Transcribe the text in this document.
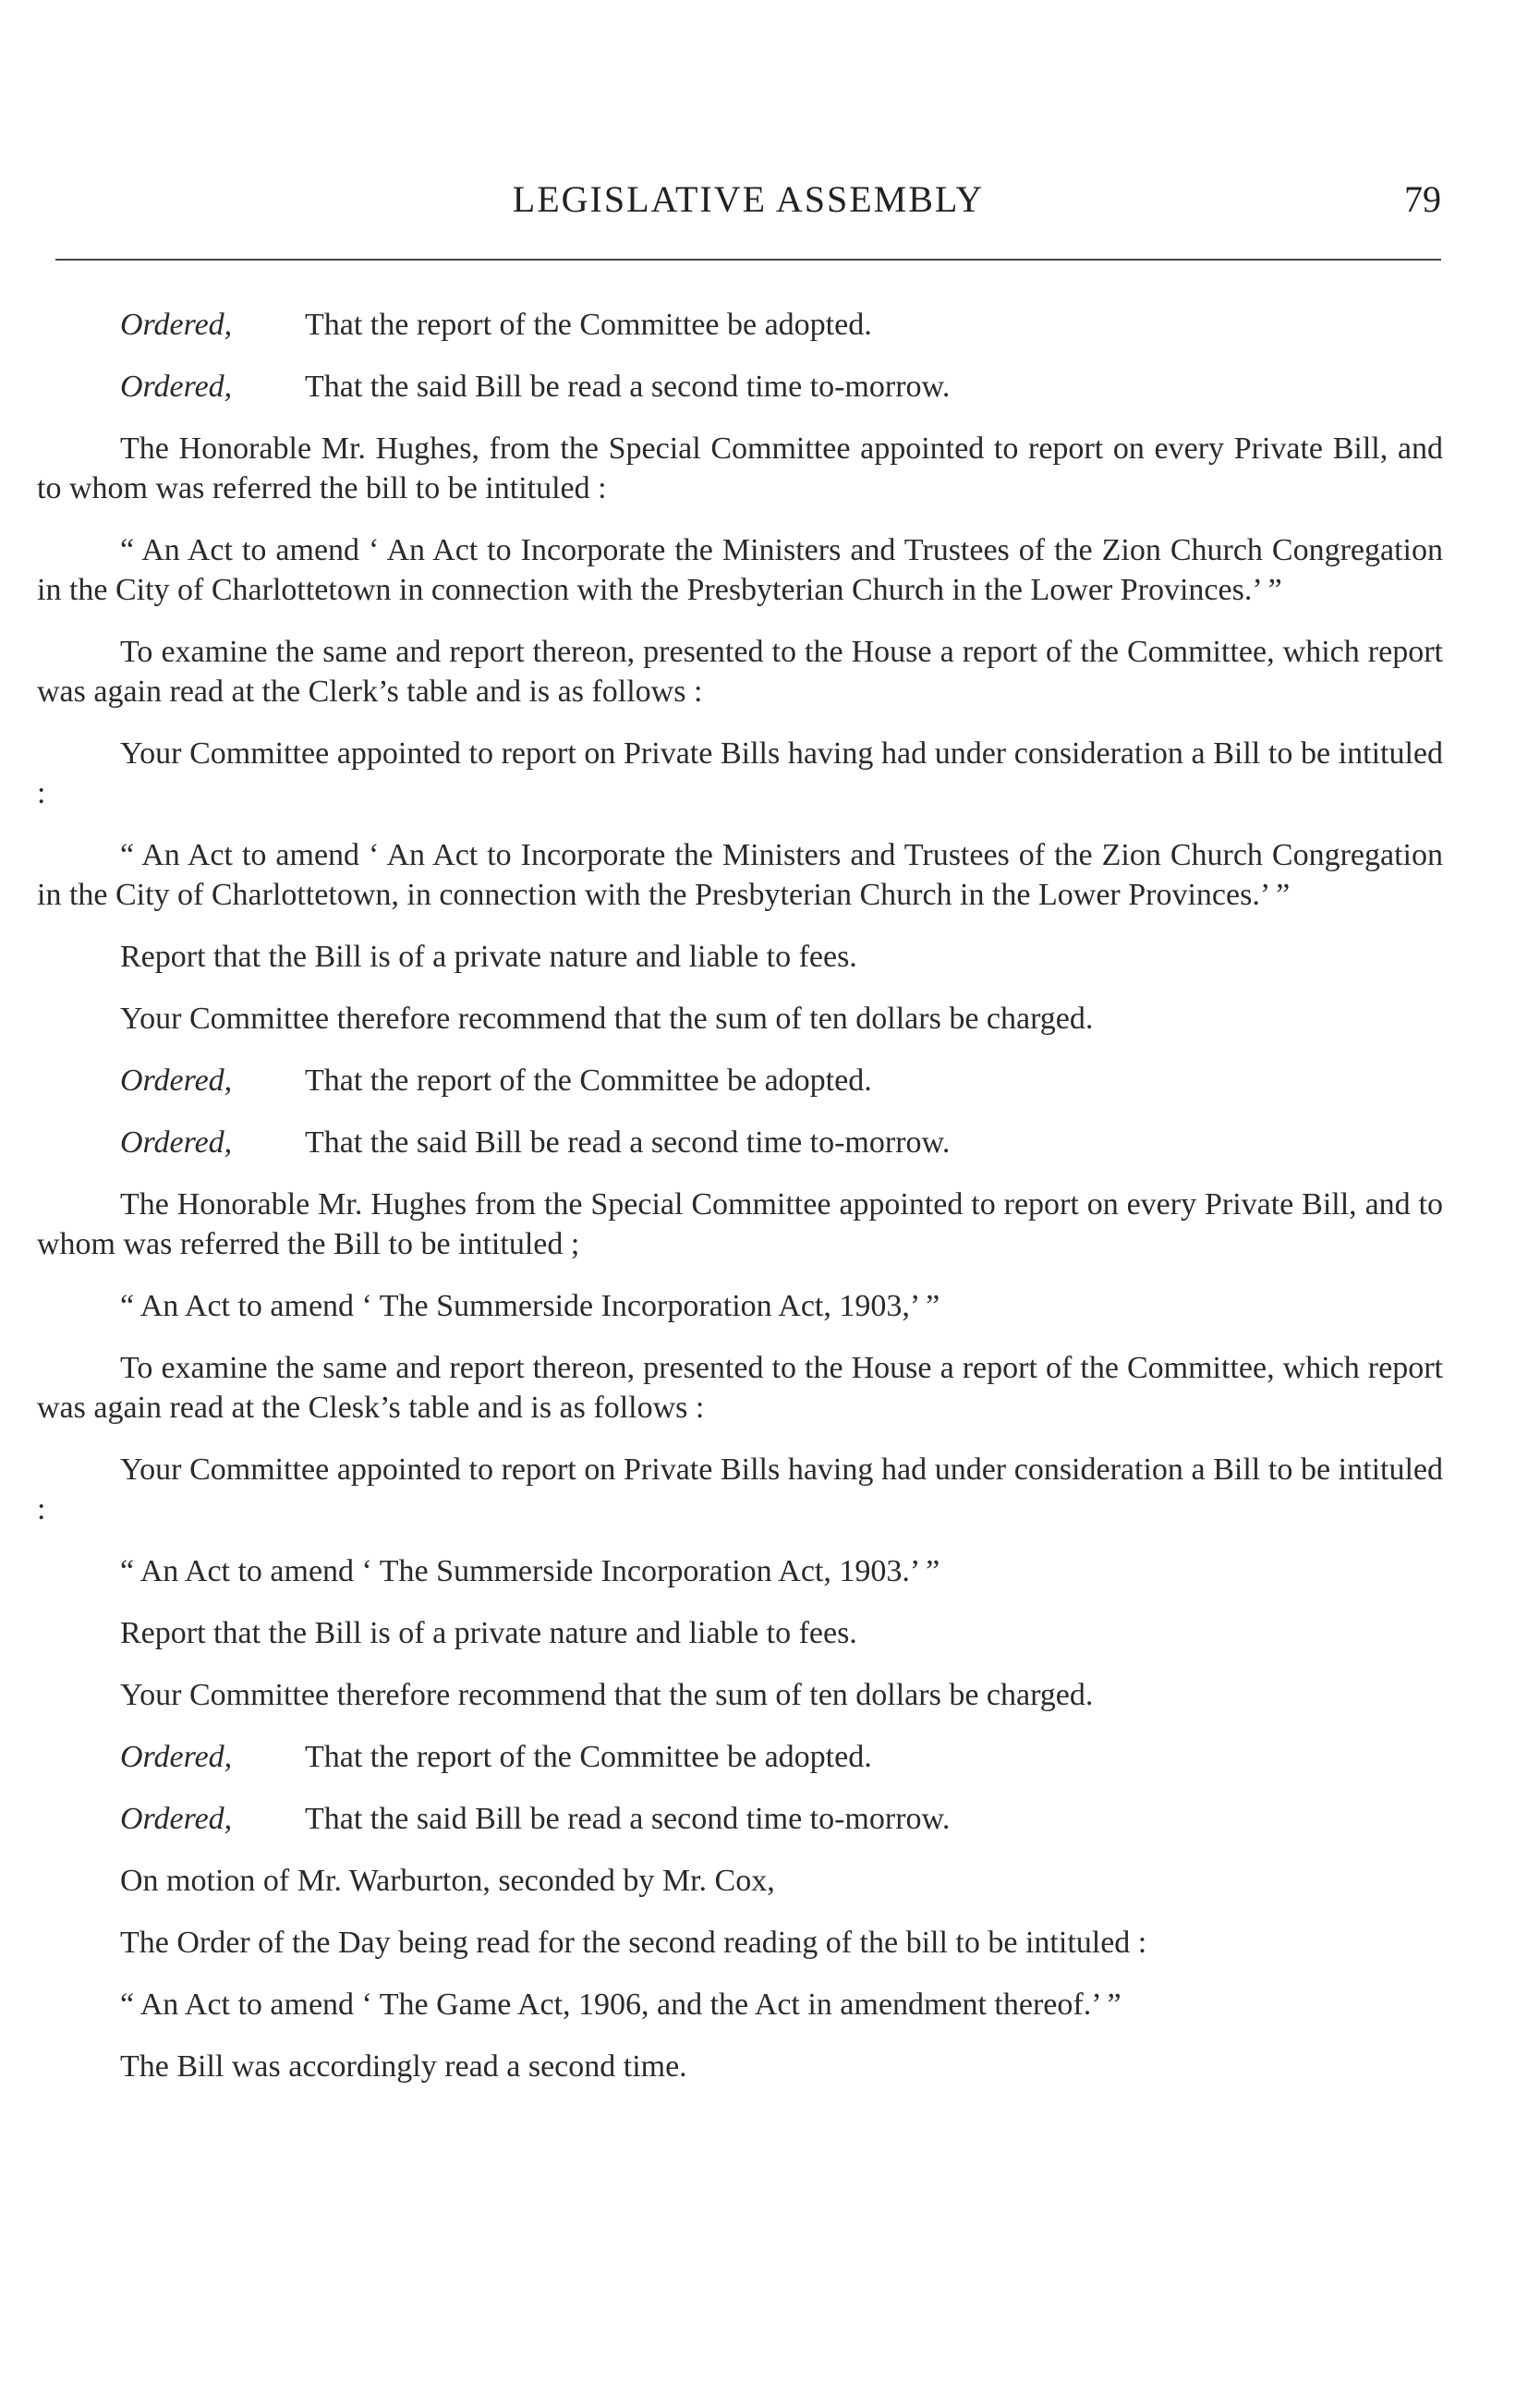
LEGISLATIVE ASSEMBLY	79
Ordered, That the report of the Committee be adopted.
Ordered, That the said Bill be read a second time to-morrow.

The Honorable Mr. Hughes, from the Special Committee appointed to report on every Private Bill, and to whom was referred the bill to be intituled :

“ An Act to amend ‘ An Act to Incorporate the Ministers and Trustees of the Zion Church Congregation in the City of Charlottetown in connection with the Presbyterian Church in the Lower Provinces.’ ”

To examine the same and report thereon, presented to the House a report of the Committee, which report was again read at the Clerk’s table and is as follows :

Your Committee appointed to report on Private Bills having had under consideration a Bill to be intituled :

“ An Act to amend ‘ An Act to Incorporate the Ministers and Trustees of the Zion Church Congregation in the City of Charlottetown, in connection with the Presbyterian Church in the Lower Provinces.’ ”

Report that the Bill is of a private nature and liable to fees.

Your Committee therefore recommend that the sum of ten dollars be charged.

Ordered, That the report of the Committee be adopted.
Ordered, That the said Bill be read a second time to-morrow.

The Honorable Mr. Hughes from the Special Committee appointed to report on every Private Bill, and to whom was referred the Bill to be intituled ;

“ An Act to amend ‘ The Summerside Incorporation Act, 1903,’ ”

To examine the same and report thereon, presented to the House a report of the Committee, which report was again read at the Clesk’s table and is as follows :

Your Committee appointed to report on Private Bills having had under consideration a Bill to be intituled :

“ An Act to amend ‘ The Summerside Incorporation Act, 1903.’ ”

Report that the Bill is of a private nature and liable to fees.

Your Committee therefore recommend that the sum of ten dollars be charged.

Ordered, That the report of the Committee be adopted.
Ordered, That the said Bill be read a second time to-morrow.

On motion of Mr. Warburton, seconded by Mr. Cox,

The Order of the Day being read for the second reading of the bill to be intituled :

“ An Act to amend ‘ The Game Act, 1906, and the Act in amendment thereof.’ ”

The Bill was accordingly read a second time.
